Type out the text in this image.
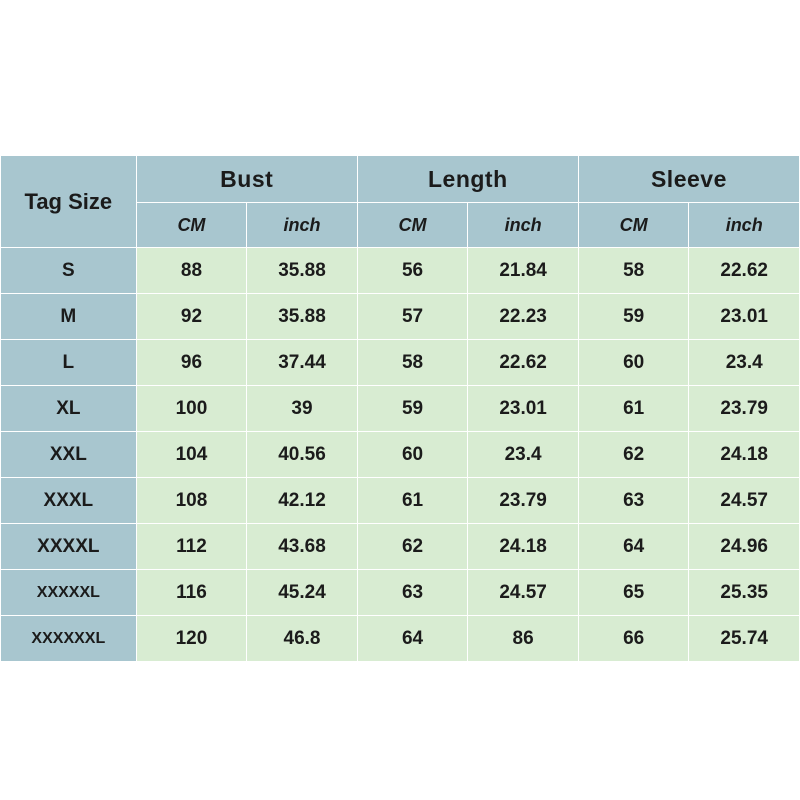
Tag Size	Bust		Length		Sleeve	
	CM	inch	CM	inch	CM	inch
S	88	35.88	56	21.84	58	22.62
M	92	35.88	57	22.23	59	23.01
L	96	37.44	58	22.62	60	23.4
XL	100	39	59	23.01	61	23.79
XXL	104	40.56	60	23.4	62	24.18
XXXL	108	42.12	61	23.79	63	24.57
XXXXL	112	43.68	62	24.18	64	24.96
XXXXXL	116	45.24	63	24.57	65	25.35
XXXXXXL	120	46.8	64	86	66	25.74
